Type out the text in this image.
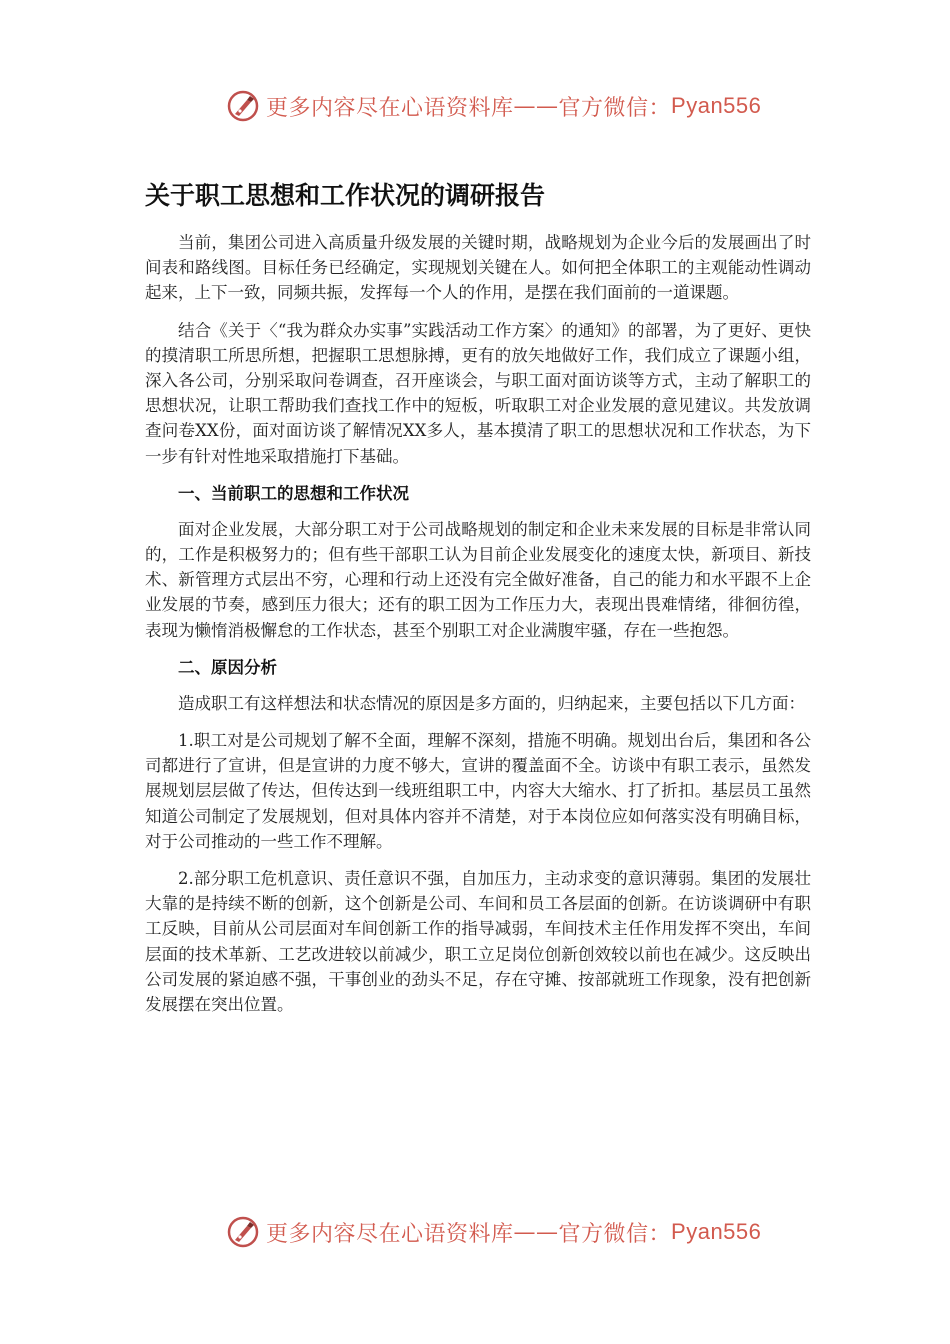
更多内容尽在心语资料库 —— 官方微信： Pyan556
关于职工思想和工作状况的调研报告

当前，集团公司进入高质量升级发展的关键时期，战略规划为企业今后的发展画出了时间表和路线图。目标任务已经确定，实现规划关键在人。如何把全体职工的主观能动性调动起来，上下一致，同频共振，发挥每一个人的作用，是摆在我们面前的一道课题。

结合《关于〈“我为群众办实事”实践活动工作方案〉的通知》的部署，为了更好、更快的摸清职工所思所想，把握职工思想脉搏，更有的放矢地做好工作，我们成立了课题小组，深入各公司，分别采取问卷调查，召开座谈会，与职工面对面访谈等方式，主动了解职工的思想状况，让职工帮助我们查找工作中的短板，听取职工对企业发展的意见建议。共发放调查问卷XX份，面对面访谈了解情况XX多人，基本摸清了职工的思想状况和工作状态，为下一步有针对性地采取措施打下基础。

一、当前职工的思想和工作状况

面对企业发展，大部分职工对于公司战略规划的制定和企业未来发展的目标是非常认同的，工作是积极努力的；但有些干部职工认为目前企业发展变化的速度太快，新项目、新技术、新管理方式层出不穷，心理和行动上还没有完全做好准备，自己的能力和水平跟不上企业发展的节奏，感到压力很大；还有的职工因为工作压力大，表现出畏难情绪，徘徊彷徨，表现为懒惰消极懈怠的工作状态，甚至个别职工对企业满腹牢骚，存在一些抱怨。

二、原因分析

造成职工有这样想法和状态情况的原因是多方面的，归纳起来，主要包括以下几方面：

1.职工对是公司规划了解不全面，理解不深刻，措施不明确。规划出台后，集团和各公司都进行了宣讲，但是宣讲的力度不够大，宣讲的覆盖面不全。访谈中有职工表示，虽然发展规划层层做了传达，但传达到一线班组职工中，内容大大缩水、打了折扣。基层员工虽然知道公司制定了发展规划，但对具体内容并不清楚，对于本岗位应如何落实没有明确目标，对于公司推动的一些工作不理解。

2.部分职工危机意识、责任意识不强，自加压力，主动求变的意识薄弱。集团的发展壮大靠的是持续不断的创新，这个创新是公司、车间和员工各层面的创新。在访谈调研中有职工反映，目前从公司层面对车间创新工作的指导减弱，车间技术主任作用发挥不突出，车间层面的技术革新、工艺改进较以前减少，职工立足岗位创新创效较以前也在减少。这反映出公司发展的紧迫感不强，干事创业的劲头不足，存在守摊、按部就班工作现象，没有把创新发展摆在突出位置。

更多内容尽在心语资料库 —— 官方微信： Pyan556
